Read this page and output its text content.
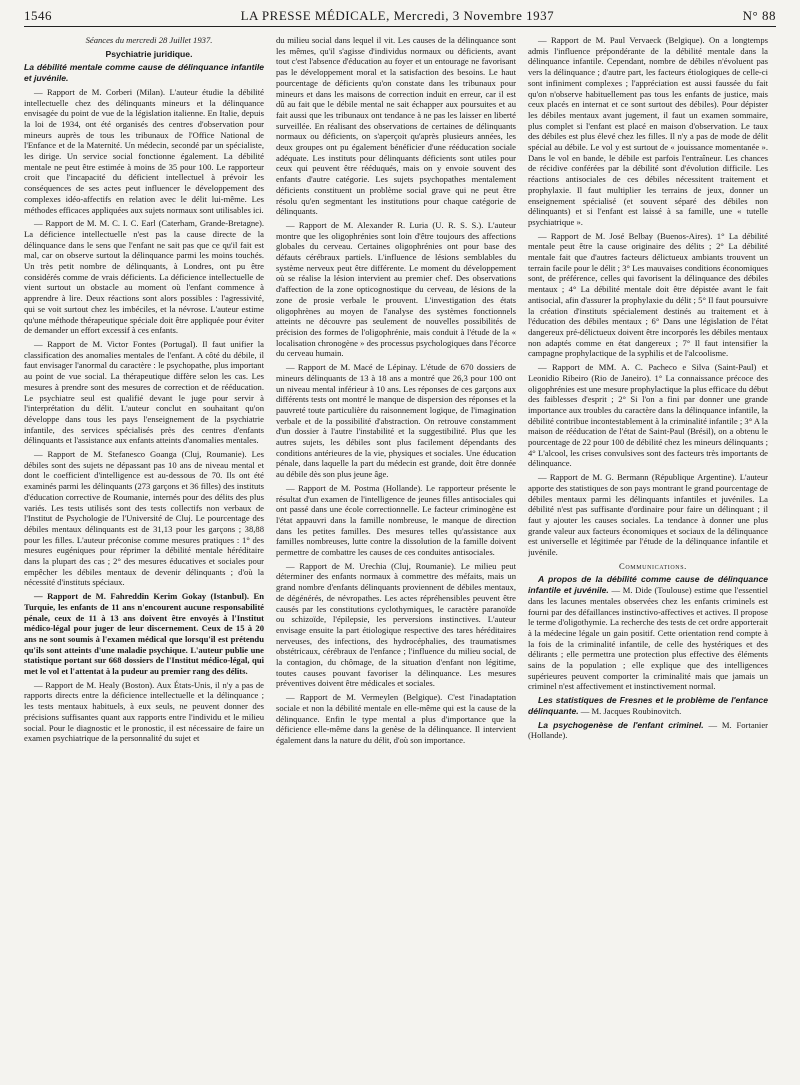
1546	LA PRESSE MÉDICALE, Mercredi, 3 Novembre 1937	N° 88

Séances du mercredi 28 Juillet 1937.

Psychiatrie juridique.

La débilité mentale comme cause de délinquance infantile et juvénile.

— Rapport de M. Corberi (Milan). L'auteur étudie la débilité intellectuelle chez des délinquants mineurs et la délinquance envisagée du point de vue de la législation italienne. En Italie, depuis la loi de 1934, ont été organisés des centres d'observation pour mineurs auprès de tous les tribunaux de l'Office National de l'Enfance et de la Maternité. Un médecin, secondé par un spécialiste, les dirige. Un service social fonctionne également. La débilité mentale ne peut être estimée à moins de 35 pour 100. Le rapporteur croit que l'incapacité du déficient intellectuel à prévoir les conséquences de ses actes peut influencer le développement des complexes idéo-affectifs en relation avec le délit lui-même. Les méthodes efficaces appliquées aux sujets normaux sont utilisables ici.

— Rapport de M. M. C. I. C. Earl (Caterham, Grande-Bretagne). La déficience intellectuelle n'est pas la cause directe de la délinquance dans le sens que l'enfant ne sait pas que ce qu'il fait est mal, car on observe surtout la délinquance parmi les moins touchés. Un très petit nombre de délinquants, à Londres, ont pu être considérés comme de vrais déficients. La déficience intellectuelle de vient surtout un obstacle au moment où l'enfant commence à apprendre à lire. Deux réactions sont alors possibles : l'agressivité, qui se voit surtout chez les imbéciles, et la névrose. L'auteur estime qu'une méthode thérapeutique spéciale doit être appliquée pour éviter de demander un effort excessif à ces enfants.

— Rapport de M. Victor Fontes (Portugal). Il faut unifier la classification des anomalies mentales de l'enfant. A côté du débile, il faut envisager l'anormal du caractère : le psychopathe, plus important au point de vue social. La thérapeutique diffère selon les cas. Les mesures à prendre sont des mesures de correction et de rééducation. Le psychiatre seul est qualifié devant le juge pour servir à l'interprétation du délit. L'auteur conclut en souhaitant qu'on développe dans tous les pays l'enseignement de la psychiatrie infantile, des services spécialisés près des centres d'enfants délinquants et l'assistance aux enfants atteints d'anomalies mentales.

— Rapport de M. Stefanesco Goanga (Cluj, Roumanie). Les débiles sont des sujets ne dépassant pas 10 ans de niveau mental et dont le coefficient d'intelligence est au-dessous de 70. Ils ont été examinés parmi les délinquants (273 garçons et 36 filles) des instituts d'éducation corrective de Roumanie, internés pour des délits des plus variés. Les tests utilisés sont des tests collectifs non verbaux de l'Institut de Psychologie de l'Université de Cluj. Le pourcentage des débiles mentaux délinquants est de 31,13 pour les garçons ; 38,88 pour les filles. L'auteur préconise comme mesures pratiques : 1° des mesures eugéniques pour réprimer la débilité mentale héréditaire dans la plupart des cas ; 2° des mesures éducatives et sociales pour empêcher les débiles mentaux de devenir délinquants ; d'où la nécessité d'instituts spéciaux.

— Rapport de M. Fahreddin Kerim Gokay (Istanbul). En Turquie, les enfants de 11 ans n'encourent aucune responsabilité pénale, ceux de 11 à 13 ans doivent être envoyés à l'Institut médico-légal pour juger de leur discernement. Ceux de 15 à 20 ans ne sont soumis à l'examen médical que lorsqu'il est prétendu qu'ils sont atteints d'une maladie psychique. L'auteur publie une statistique portant sur 668 dossiers de l'Institut médico-légal, qui met le vol et l'attentat à la pudeur au premier rang des délits.

— Rapport de M. Healy (Boston). Aux États-Unis, il n'y a pas de rapports directs entre la déficience intellectuelle et la délinquance ; les tests mentaux habituels, à eux seuls, ne peuvent donner des précisions suffisantes quant aux rapports entre l'individu et le milieu social. Pour le diagnostic et le pronostic, il est nécessaire de faire un examen psychiatrique de la personnalité du sujet et

du milieu social dans lequel il vit. Les causes de la délinquance sont les mêmes, qu'il s'agisse d'individus normaux ou déficients, avant tout c'est l'absence d'éducation au foyer et un entourage ne favorisant pas le développement moral et la satisfaction des besoins. Le haut pourcentage de déficients qu'on constate dans les tribunaux pour mineurs et dans les maisons de correction induit en erreur, car il est dû au fait que le débile mental ne sait échapper aux poursuites et au fait aussi que les tribunaux ont tendance à ne pas les laisser en liberté surveillée. En réalisant des observations de certaines de délinquants normaux ou déficients, on s'aperçoit qu'après plusieurs années, les deux groupes ont pu également bénéficier d'une rééducation sociale adéquate. Les instituts pour délinquants déficients sont utiles pour ceux qui peuvent être rééduqués, mais on y envoie souvent des enfants d'autre catégorie. Les sujets psychopathes mentalement déficients constituent un problème social grave qui ne peut être résolu qu'en segmentant les institutions pour chaque catégorie de délinquants.

— Rapport de M. Alexander R. Luria (U. R. S. S.). L'auteur montre que les oligophrénies sont loin d'être toujours des affections globales du cerveau. Certaines oligophrénies ont pour base des défauts cérébraux partiels. L'influence de lésions semblables du système nerveux peut être différente. Le moment du développement où se réalise la lésion intervient au premier chef. Des observations d'affection de la zone opticognostique du cerveau, de lésions de la zone de prosie verbale le prouvent. L'investigation des états oligophrènes au moyen de l'analyse des systèmes fonctionnels atteints ne découvre pas seulement de nouvelles possibilités de précision des formes de l'oligophrénie, mais conduit à l'étude de la « localisation chronogène » des processus psychologiques dans l'écorce du cerveau humain.

— Rapport de M. Macé de Lépinay. L'étude de 670 dossiers de mineurs délinquants de 13 à 18 ans a montré que 26,3 pour 100 ont un niveau mental inférieur à 10 ans. Les réponses de ces garçons aux différents tests ont montré le manque de dispersion des réponses et la pauvreté toute particulière du raisonnement logique, de l'imagination verbale et de la possibilité d'abstraction. On retrouve constamment d'un dossier à l'autre l'instabilité et la suggestibilité. Plus que les autres sujets, les débiles sont plus facilement dépendants des conditions antérieures de la vie, physiques et sociales. Une éducation pénale, dans laquelle la part du médecin est grande, doit être donnée au débile dès son plus jeune âge.

— Rapport de M. Postma (Hollande). Le rapporteur présente le résultat d'un examen de l'intelligence de jeunes filles antisociales qui ont passé dans une école correctionnelle. Le facteur criminogène est l'état appauvri dans la famille nombreuse, le manque de direction dans les petites familles. Des mesures telles qu'assistance aux familles nombreuses, lutte contre la dissolution de la famille doivent permettre de combattre les causes de ces conduites antisociales.

— Rapport de M. Urechia (Cluj, Roumanie). Le milieu peut déterminer des enfants normaux à commettre des méfaits, mais un grand nombre d'enfants délinquants proviennent de débiles mentaux, de dégénérés, de névropathes. Les actes répréhensibles peuvent être causés par les constitutions cyclothymiques, le caractère paranoïde ou schizoïde, l'épilepsie, les perversions instinctives. L'auteur envisage ensuite la part étiologique respective des tares héréditaires nerveuses, des infections, des hydrocéphalies, des traumatismes obstétricaux, cérébraux de l'enfance ; l'influence du milieu social, de la contagion, du chômage, de la situation d'enfant non légitime, toutes causes pouvant favoriser la délinquance. Les mesures préventives doivent être médicales et sociales.

— Rapport de M. Vermeylen (Belgique). C'est l'inadaptation sociale et non la débilité mentale en elle-même qui est la cause de la délinquance. Enfin le type mental a plus d'importance que la déficience elle-même dans la genèse de la délinquance. Il intervient également dans la nature du délit, d'où son importance.

— Rapport de M. Paul Vervaeck (Belgique). On a longtemps admis l'influence prépondérante de la débilité mentale dans la délinquance infantile. Cependant, nombre de débiles n'évoluent pas vers la délinquance ; d'autre part, les facteurs étiologiques de celle-ci sont infiniment complexes ; l'appréciation est aussi faussée du fait qu'on n'observe habituellement pas tous les enfants de justice, mais ceux placés en internat et ce sont surtout des débiles). Pour dépister les débiles mentaux avant jugement, il faut un examen sommaire, plus complet si l'enfant est placé en maison d'observation. Le taux des débiles est plus élevé chez les filles. Il n'y a pas de mode de délit spécial au débile. Le vol y est surtout de « jouissance momentanée ». Dans le vol en bande, le débile est parfois l'entraîneur. Les chances de récidive conférées par la débilité sont d'évolution difficile. Les réactions antisociales de ces débiles nécessitent traitement et prophylaxie. Il faut multiplier les terrains de jeux, donner un enseignement spécialisé (et souvent séparé des débiles non délinquants) et si l'enfant est laissé à sa famille, une « tutelle psychiatrique ».

— Rapport de M. José Belbay (Buenos-Aires). 1° La débilité mentale peut être la cause originaire des délits ; 2° La débilité mentale fait que d'autres facteurs délictueux ambiants trouvent un terrain facile pour le délit ; 3° Les mauvaises conditions économiques sont, de préférence, celles qui favorisent la délinquance des débiles mentaux ; 4° La débilité mentale doit être dépistée avant le fait antisocial, afin d'assurer la prophylaxie du délit ; 5° Il faut poursuivre la création d'instituts spécialement destinés au traitement et à l'éducation des débiles mentaux ; 6° Dans une législation de l'état dangereux pré-délictueux doivent être incorporés les débiles mentaux non adaptés comme en état dangereux ; 7° Il faut intensifier la campagne prophylactique de la syphilis et de l'alcoolisme.

— Rapport de MM. A. C. Pacheco e Silva (Saint-Paul) et Leonidio Ribeiro (Rio de Janeiro). 1° La connaissance précoce des oligophrénies est une mesure prophylactique la plus efficace du début des faiblesses d'esprit ; 2° Si l'on a fini par donner une grande importance aux troubles du caractère dans la délinquance infantile, la débilité contribue incontestablement à la criminalité infantile ; 3° A la maison de rééducation de l'état de Saint-Paul (Brésil), on a obtenu le pourcentage de 22 pour 100 de débilité chez les mineurs délinquants ; 4° L'alcool, les crises convulsives sont des facteurs très importants de délinquance.

— Rapport de M. G. Bermann (République Argentine). L'auteur apporte des statistiques de son pays montrant le grand pourcentage de débiles mentaux parmi les délinquants infantiles et juvéniles. La débilité n'est pas suffisante d'ordinaire pour faire un délinquant ; il faut y ajouter les causes sociales. La tendance à donner une plus grande valeur aux facteurs économiques et sociaux de la délinquance est universelle et légitimée par l'étude de la délinquance infantile et juvénile.

Communications.

A propos de la débilité comme cause de délinquance infantile et juvénile. — M. Dide (Toulouse) estime que l'essentiel dans les lacunes mentales observées chez les enfants criminels est fourni par des défaillances instinctivo-affectives et actives. Il propose le terme d'oligothymie. La recherche des tests de cet ordre apporterait à la médecine légale un gain positif. Cette orientation rend compte à la fois de la criminalité infantile, de celle des hystériques et des délirants ; elle permettra une protection plus effective des éléments sains de la population ; elle explique que des intelligences supérieures peuvent comporter la criminalité mais que jamais un criminel n'est affectivement et instinctivement normal.

Les statistiques de Fresnes et le problème de l'enfance délinquante. — M. Jacques Roubinovitch.

La psychogenèse de l'enfant criminel. — M. Fortanier (Hollande).
